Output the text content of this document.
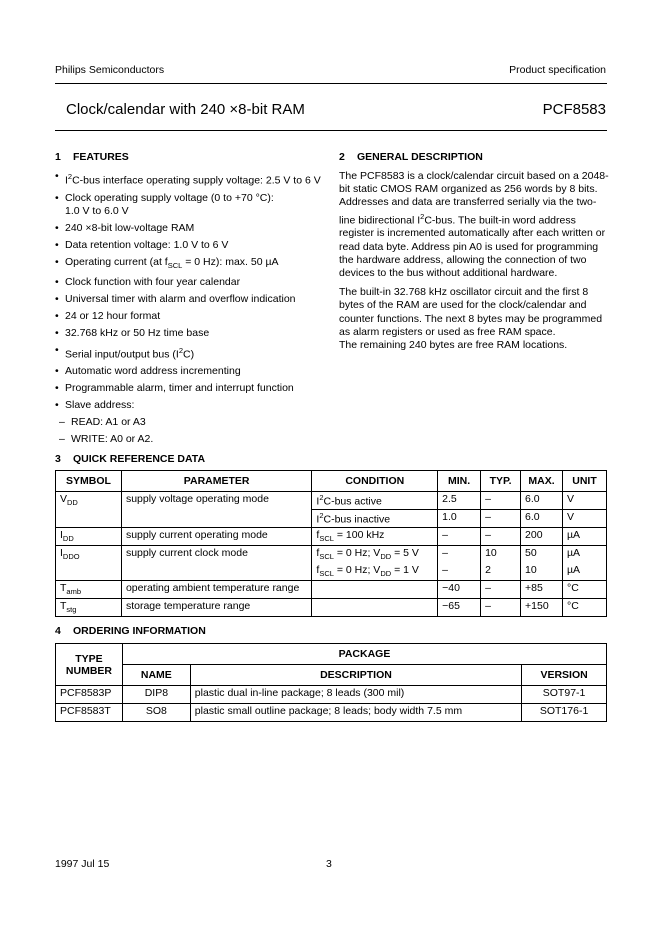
Philips Semiconductors	Product specification
Clock/calendar with 240 ×8-bit RAM	PCF8583
1 FEATURES
• $I^2C$-bus interface operating supply voltage: 2.5 V to 6 V
• Clock operating supply voltage (0 to +70 °C):
1.0 V to 6.0 V
• 240 ×8-bit low-voltage RAM
• Data retention voltage: 1.0 V to 6 V
• Operating current (at $f_{SCL} = 0$ Hz): max. 50 µA
• Clock function with four year calendar
• Universal timer with alarm and overflow indication
• 24 or 12 hour format
• 32.768 kHz or 50 Hz time base
• Serial input/output bus $(I^2C)$
• Automatic word address incrementing
• Programmable alarm, timer and interrupt function
• Slave address:
– READ: A1 or A3
– WRITE: A0 or A2.
2 GENERAL DESCRIPTION

The PCF8583 is a clock/calendar circuit based on a 2048-bit static CMOS RAM organized as 256 words by 8 bits. Addresses and data are transferred serially via the two-line bidirectional $I^2C$-bus. The built-in word address register is incremented automatically after each written or read data byte. Address pin A0 is used for programming the hardware address, allowing the connection of two devices to the bus without additional hardware.

The built-in 32.768 kHz oscillator circuit and the first 8 bytes of the RAM are used for the clock/calendar and counter functions. The next 8 bytes may be programmed as alarm registers or used as free RAM space.

The remaining 240 bytes are free RAM locations.

3 QUICK REFERENCE DATA
SYMBOL	PARAMETER	CONDITION	MIN.	TYP.	MAX.	UNIT
$V_{DD}$	supply voltage operating mode	$I^2C$-bus active	2.5	–	6.0	V
		$I^2C$-bus inactive	1.0	–	6.0	V
$I_{DD}$	supply current operating mode	$f_{SCL} = 100$ kHz	–	–	200	µA
$I_{DDO}$	supply current clock mode	$f_{SCL} = 0$ Hz; $V_{DD} = 5$ V	–	10	50	µA
		$f_{SCL} = 0$ Hz; $V_{DD} = 1$ V	–	2	10	µA
$T_{amb}$	operating ambient temperature range		−40	–	+85	°C
$T_{stg}$	storage temperature range		−65	–	+150	°C
4 ORDERING INFORMATION
TYPE NUMBER	PACKAGE		
	NAME	DESCRIPTION	VERSION
PCF8583P	DIP8	plastic dual in-line package; 8 leads (300 mil)	SOT97-1
PCF8583T	SO8	plastic small outline package; 8 leads; body width 7.5 mm	SOT176-1
1997 Jul 15	3
